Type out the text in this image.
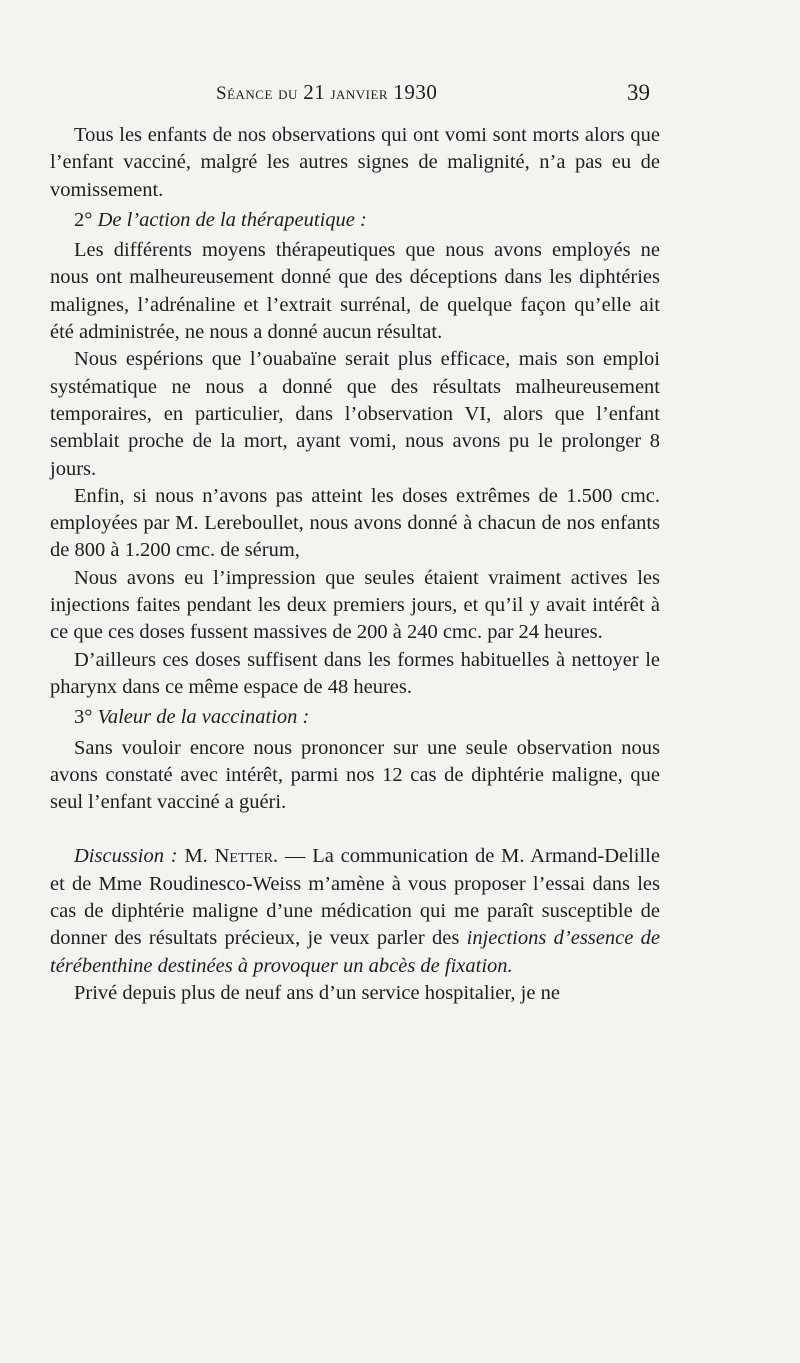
Séance du 21 janvier 1930	39

Tous les enfants de nos observations qui ont vomi sont morts alors que l’enfant vacciné, malgré les autres signes de malignité, n’a pas eu de vomissement.

2° De l’action de la thérapeutique :

Les différents moyens thérapeutiques que nous avons employés ne nous ont malheureusement donné que des déceptions dans les diphtéries malignes, l’adrénaline et l’extrait surrénal, de quelque façon qu’elle ait été administrée, ne nous a donné aucun résultat.

Nous espérions que l’ouabaïne serait plus efficace, mais son emploi systématique ne nous a donné que des résultats malheureusement temporaires, en particulier, dans l’observation VI, alors que l’enfant semblait proche de la mort, ayant vomi, nous avons pu le prolonger 8 jours.

Enfin, si nous n’avons pas atteint les doses extrêmes de 1.500 cmc. employées par M. Lereboullet, nous avons donné à chacun de nos enfants de 800 à 1.200 cmc. de sérum,

Nous avons eu l’impression que seules étaient vraiment actives les injections faites pendant les deux premiers jours, et qu’il y avait intérêt à ce que ces doses fussent massives de 200 à 240 cmc. par 24 heures.

D’ailleurs ces doses suffisent dans les formes habituelles à nettoyer le pharynx dans ce même espace de 48 heures.

3° Valeur de la vaccination :

Sans vouloir encore nous prononcer sur une seule observation nous avons constaté avec intérêt, parmi nos 12 cas de diphtérie maligne, que seul l’enfant vacciné a guéri.

Discussion : M. Netter. — La communication de M. Armand-Delille et de Mme Roudinesco-Weiss m’amène à vous proposer l’essai dans les cas de diphtérie maligne d’une médication qui me paraît susceptible de donner des résultats précieux, je veux parler des injections d’essence de térébenthine destinées à provoquer un abcès de fixation.

Privé depuis plus de neuf ans d’un service hospitalier, je ne
